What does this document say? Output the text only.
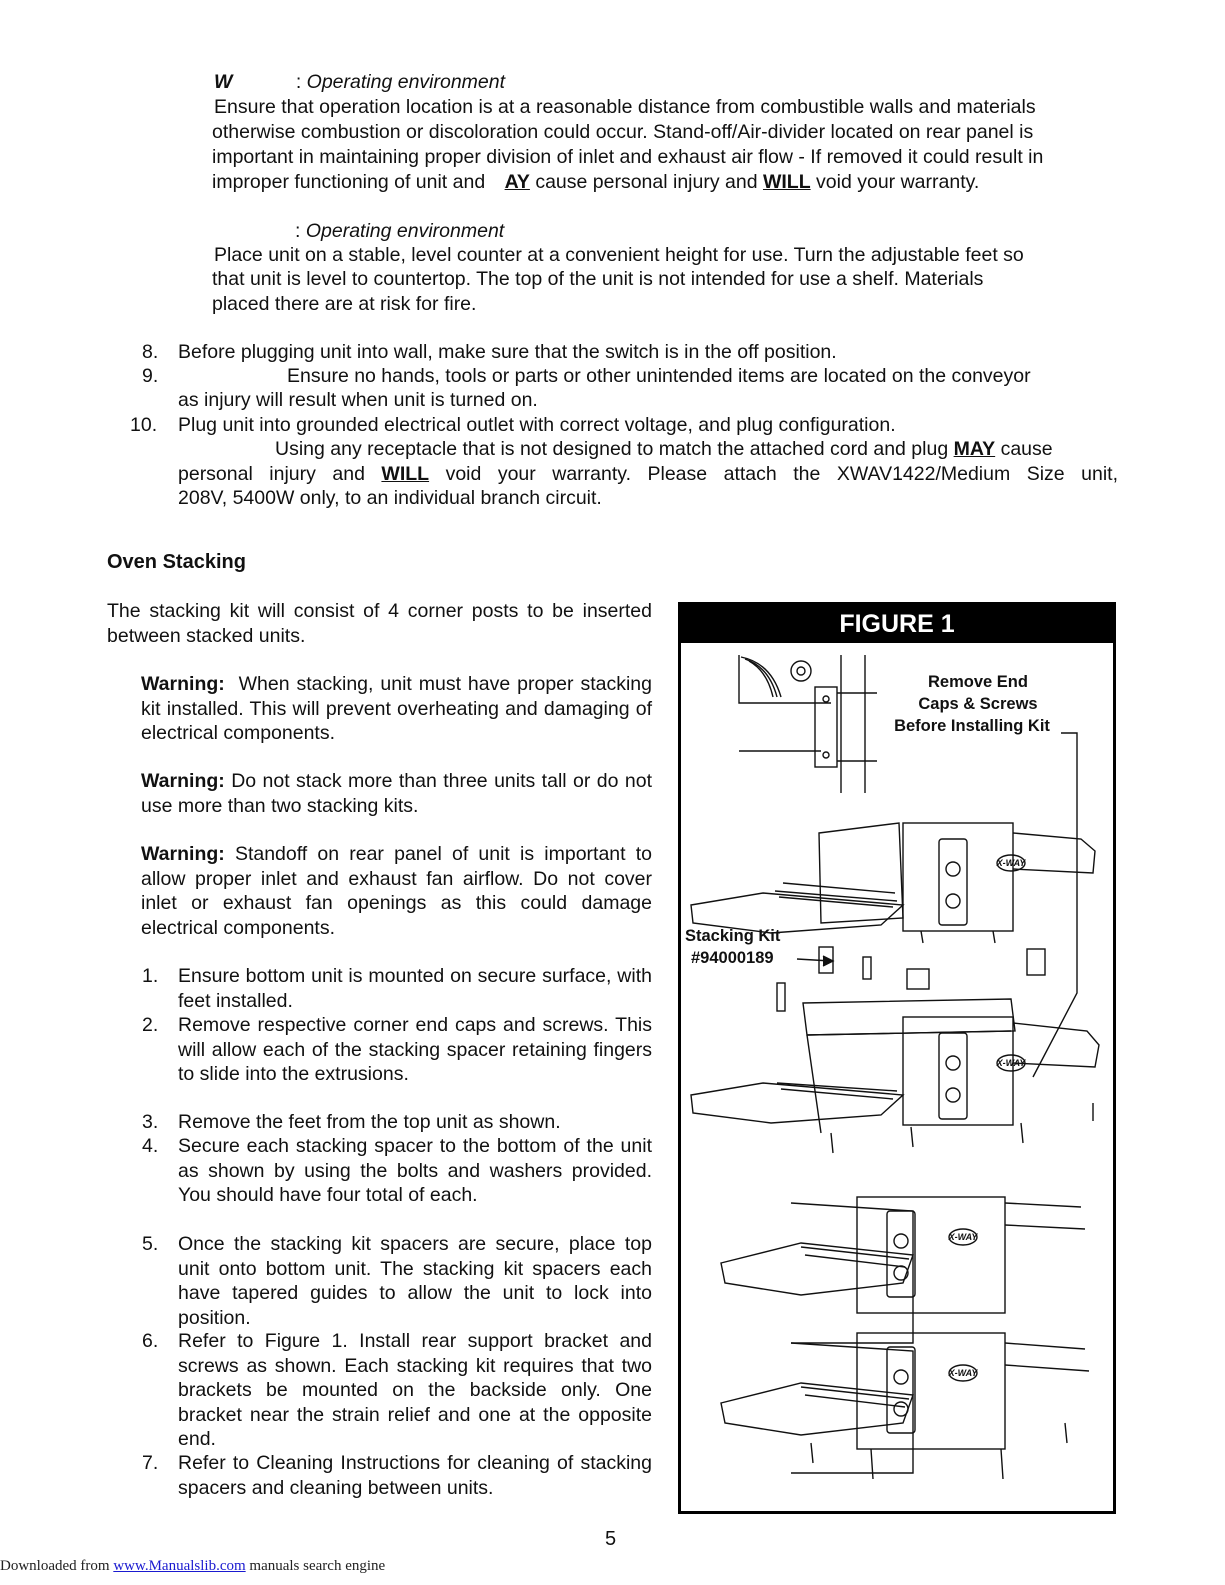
W	: Operating environment
Ensure that operation location is at a reasonable distance from combustible walls and materials
otherwise combustion or discoloration could occur. Stand-off/Air-divider located on rear panel is
important in maintaining proper division of inlet and exhaust air flow - If removed it could result in
improper functioning of unit and AY cause personal injury and WILL void your warranty.
: Operating environment
Place unit on a stable, level counter at a convenient height for use. Turn the adjustable feet so
that unit is level to countertop. The top of the unit is not intended for use a shelf. Materials
placed there are at risk for fire.
8. Before plugging unit into wall, make sure that the switch is in the off position.
9.	Ensure no hands, tools or parts or other unintended items are located on the conveyor
as injury will result when unit is turned on.
10. Plug unit into grounded electrical outlet with correct voltage, and plug configuration.
Using any receptacle that is not designed to match the attached cord and plug MAY cause
personal injury and WILL void your warranty. Please attach the XWAV1422/Medium Size unit,
208V, 5400W only, to an individual branch circuit.
Oven Stacking
The stacking kit will consist of 4 corner posts to be inserted between stacked units.
Warning: When stacking, unit must have proper stacking kit installed. This will prevent overheating and damaging of electrical components.
Warning: Do not stack more than three units tall or do not use more than two stacking kits.
Warning: Standoff on rear panel of unit is important to allow proper inlet and exhaust fan airflow. Do not cover inlet or exhaust fan openings as this could damage electrical components.
1. Ensure bottom unit is mounted on secure surface, with feet installed.
2. Remove respective corner end caps and screws. This will allow each of the stacking spacer retaining fingers to slide into the extrusions.
3. Remove the feet from the top unit as shown.
4. Secure each stacking spacer to the bottom of the unit as shown by using the bolts and washers provided. You should have four total of each.
5. Once the stacking kit spacers are secure, place top unit onto bottom unit. The stacking kit spacers each have tapered guides to allow the unit to lock into position.
6. Refer to Figure 1. Install rear support bracket and screws as shown. Each stacking kit requires that two brackets be mounted on the backside only. One bracket near the strain relief and one at the opposite end.
7. Refer to Cleaning Instructions for cleaning of stacking spacers and cleaning between units.
FIGURE 1
Remove End
Caps & Screws
Before Installing Kit
Stacking Kit
#94000189
X-WAY
X-WAY
X-WAY
X-WAY
5
Downloaded from www.Manualslib.com manuals search engine
